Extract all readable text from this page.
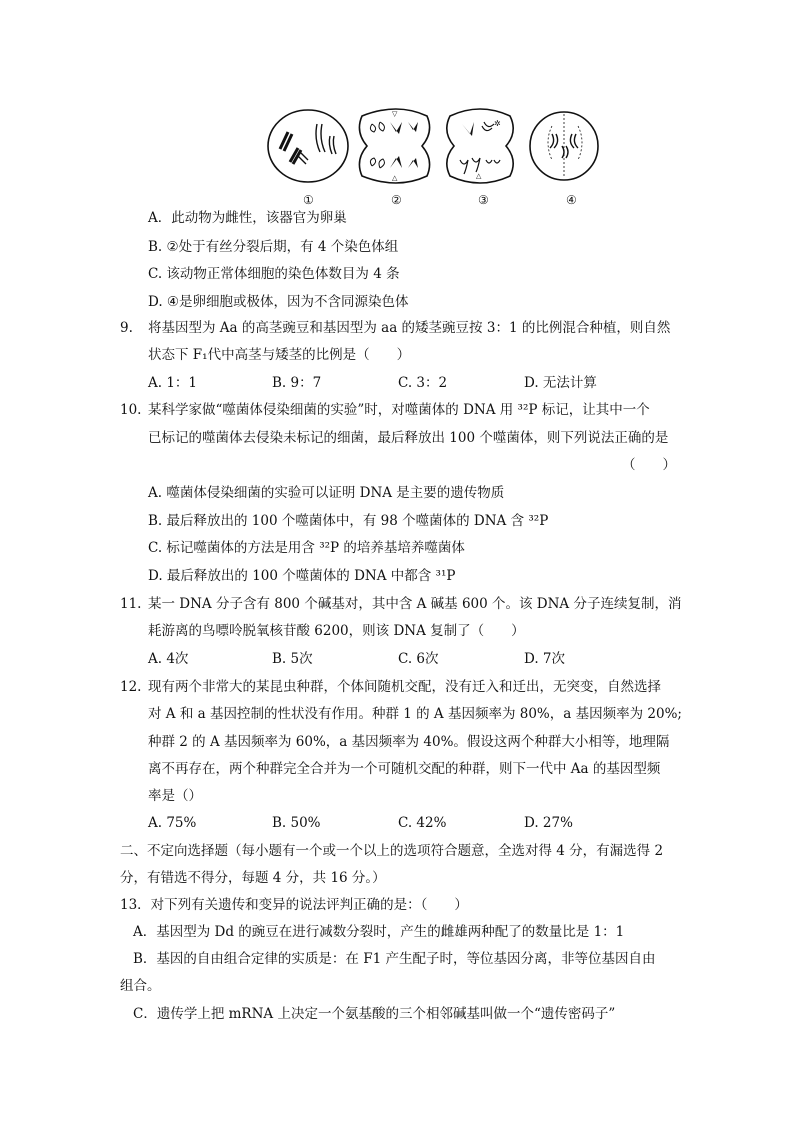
▽
△
✲
△
①	②	③	④
A．此动物为雌性，该器官为卵巢
B. ②处于有丝分裂后期，有 4 个染色体组
C. 该动物正常体细胞的染色体数目为 4 条
D. ④是卵细胞或极体，因为不含同源染色体
9. 将基因型为 Aa 的高茎豌豆和基因型为 aa 的矮茎豌豆按 3：1 的比例混合种植，则自然
状态下 F₁代中高茎与矮茎的比例是（　　）
A. 1：1	B. 9：7	C. 3：2	D. 无法计算
10. 某科学家做“噬菌体侵染细菌的实验”时，对噬菌体的 DNA 用 ³²P 标记，让其中一个
已标记的噬菌体去侵染未标记的细菌，最后释放出 100 个噬菌体，则下列说法正确的是
（　　）
A. 噬菌体侵染细菌的实验可以证明 DNA 是主要的遗传物质
B. 最后释放出的 100 个噬菌体中，有 98 个噬菌体的 DNA 含 ³²P
C. 标记噬菌体的方法是用含 ³²P 的培养基培养噬菌体
D. 最后释放出的 100 个噬菌体的 DNA 中都含 ³¹P
11. 某一 DNA 分子含有 800 个碱基对，其中含 A 碱基 600 个。该 DNA 分子连续复制，消
耗游离的鸟嘌呤脱氧核苷酸 6200，则该 DNA 复制了（　　）
A. 4次	B. 5次	C. 6次	D. 7次
12. 现有两个非常大的某昆虫种群，个体间随机交配，没有迁入和迁出，无突变，自然选择
对 A 和 a 基因控制的性状没有作用。种群 1 的 A 基因频率为 80%，a 基因频率为 20%;
种群 2 的 A 基因频率为 60%，a 基因频率为 40%。假设这两个种群大小相等，地理隔
离不再存在，两个种群完全合并为一个可随机交配的种群，则下一代中 Aa 的基因型频
率是（）
A. 75%	B. 50%	C. 42%	D. 27%
二、不定向选择题（每小题有一个或一个以上的选项符合题意，全选对得 4 分，有漏选得 2
分，有错选不得分，每题 4 分，共 16 分。）
13．对下列有关遗传和变异的说法评判正确的是：（　　）
A．基因型为 Dd 的豌豆在进行减数分裂时，产生的雌雄两种配了的数量比是 1：1
B．基因的自由组合定律的实质是：在 F1 产生配子时，等位基因分离，非等位基因自由
组合。
C．遗传学上把 mRNA 上决定一个氨基酸的三个相邻碱基叫做一个“遗传密码子”
